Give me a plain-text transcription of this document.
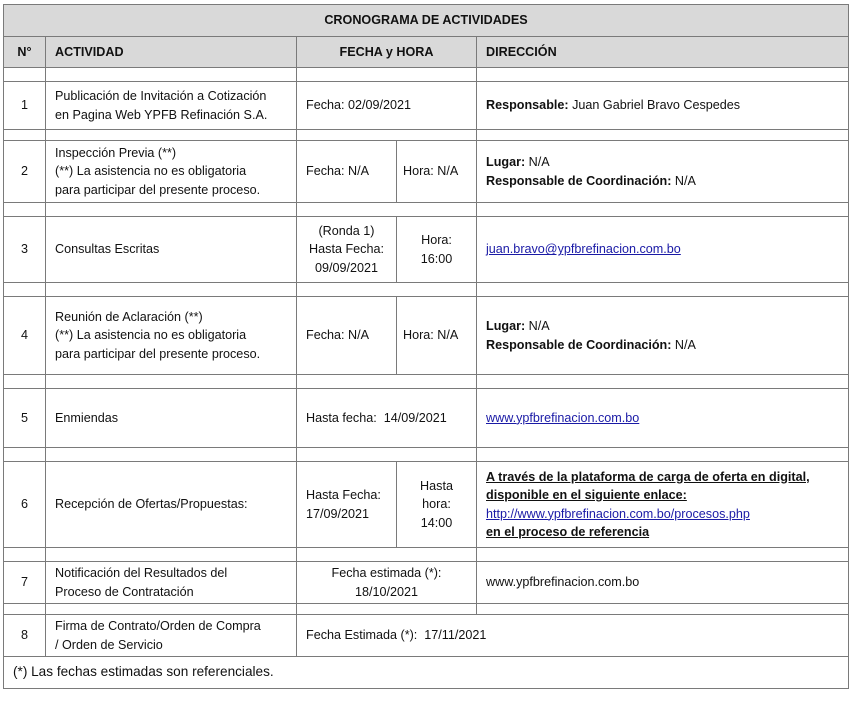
CRONOGRAMA DE ACTIVIDADES				
N°	ACTIVIDAD	FECHA y HORA		DIRECCIÓN

1	Publicación de Invitación a Cotización
en Pagina Web YPFB Refinación S.A.	Fecha: 02/09/2021		Responsable: Juan Gabriel Bravo Cespedes

2	Inspección Previa (**)
(**) La asistencia no es obligatoria
para participar del presente proceso.	Fecha: N/A	Hora: N/A	Lugar: N/A
Responsable de Coordinación: N/A

3	Consultas Escritas	(Ronda 1)
Hasta Fecha:
09/09/2021	Hora:
16:00	juan.bravo@ypfbrefinacion.com.bo

4	Reunión de Aclaración (**)
(**) La asistencia no es obligatoria
para participar del presente proceso.	Fecha: N/A	Hora: N/A	Lugar: N/A
Responsable de Coordinación: N/A

5	Enmiendas	Hasta fecha:  14/09/2021		www.ypfbrefinacion.com.bo

6	Recepción de Ofertas/Propuestas:	Hasta Fecha:
17/09/2021	Hasta
hora:
14:00	A través de la plataforma de carga de oferta en digital,
disponible en el siguiente enlace:
http://www.ypfbrefinacion.com.bo/procesos.php
en el proceso de referencia

7	Notificación del Resultados del
Proceso de Contratación	Fecha estimada (*):
18/10/2021		www.ypfbrefinacion.com.bo

8	Firma de Contrato/Orden de Compra
/ Orden de Servicio	Fecha Estimada (*):  17/11/2021		
(*) Las fechas estimadas son referenciales.				
